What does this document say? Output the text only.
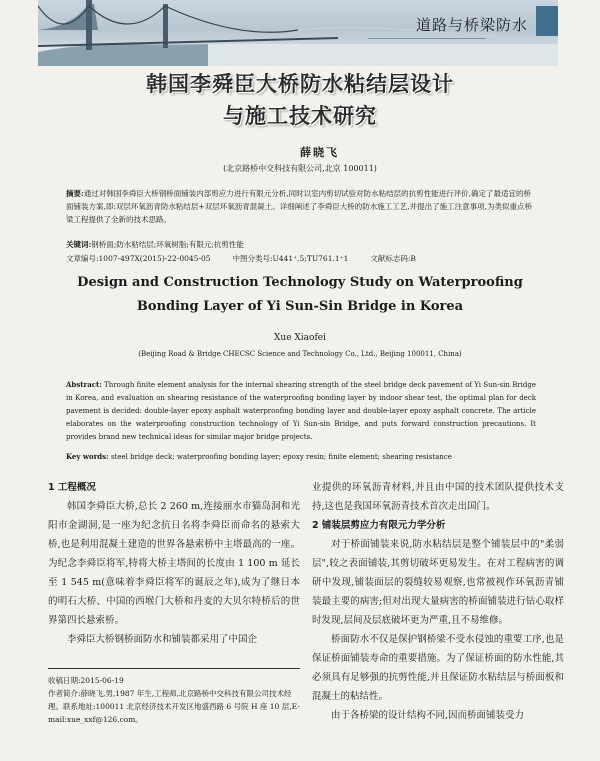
道路与桥梁防水
韩国李舜臣大桥防水粘结层设计
与施工技术研究
薛晓飞
(北京路桥中交科技有限公司,北京 100011)
摘要:通过对韩国李舜臣大桥钢桥面铺装内部剪应力进行有限元分析,同时以室内剪切试验对防水粘结层的抗剪性能进行评价,确定了最适宜的桥面铺装方案,即:双层环氧沥青防水粘结层+双层环氧沥青混凝土。详细阐述了李舜臣大桥的防水施工工艺,并提出了施工注意事项,为类似重点桥梁工程提供了全新的技术思路。
关键词:钢桥面;防水粘结层;环氧树脂;有限元;抗剪性能
文章编号:1007-497X(2015)-22-0045-05	中图分类号:U441⁺.5;TU761.1⁺1	文献标志码:B
Design and Construction Technology Study on Waterproofing
Bonding Layer of Yi Sun-Sin Bridge in Korea
Xue Xiaofei
(Beijing Road & Bridge CHECSC Science and Technology Co., Ltd., Beijing 100011, China)
Abstract: Through finite element analysis for the internal shearing strength of the steel bridge deck pavement of Yi Sun-sin Bridge in Korea, and evaluation on shearing resistance of the waterproofing bonding layer by indoor shear test, the optimal plan for deck pavement is decided: double-layer epoxy asphalt waterproofing bonding layer and double-layer epoxy asphalt concrete. The article elaborates on the waterproofing construction technology of Yi Sun-sin Bridge, and puts forward construction precautions. It provides brand new technical ideas for similar major bridge projects.
Key words: steel bridge deck; waterproofing bonding layer; epoxy resin; finite element; shearing resistance
1 工程概况
韩国李舜臣大桥,总长 2 260 m,连接丽水市猫岛洞和光阳市金湖洞,是一座为纪念抗日名将李舜臣而命名的悬索大桥,也是利用混凝土建造的世界各悬索桥中主塔最高的一座。为纪念李舜臣将军,特将大桥主塔间的长度由 1 100 m 延长至 1 545 m(意味着李舜臣将军的诞辰之年),成为了继日本的明石大桥、中国的西堠门大桥和丹麦的大贝尔特桥后的世界第四长悬索桥。
李舜臣大桥钢桥面防水和铺装都采用了中国企
业提供的环氧沥青材料,并且由中国的技术团队提供技术支持,这也是我国环氧沥青技术首次走出国门。
2 铺装层剪应力有限元力学分析
对于桥面铺装来说,防水粘结层是整个铺装层中的"柔弱层",较之表面铺装,其剪切破坏更易发生。在对工程病害的调研中发现,铺装面层的裂缝较易观察,也常被视作环氧沥青铺装最主要的病害;但对出现大量病害的桥面铺装进行钻心取样时发现,层间及层底破坏更为严重,且不易维修。
桥面防水不仅是保护钢桥梁不受水侵蚀的重要工序,也是保证桥面铺装寿命的重要措施。为了保证桥面的防水性能,其必须具有足够强的抗剪性能,并且保证防水粘结层与桥面板和混凝土的粘结性。
由于各桥梁的设计结构不同,因而桥面铺装受力
收稿日期:2015-06-19
作者简介:薛晓飞,男,1987 年生,工程师,北京路桥中交科技有限公司技术经理。联系地址:100011 北京经济技术开发区地盛西路 6 号院 H 座 10 层,E-mail:xue_xxf@126.com。
